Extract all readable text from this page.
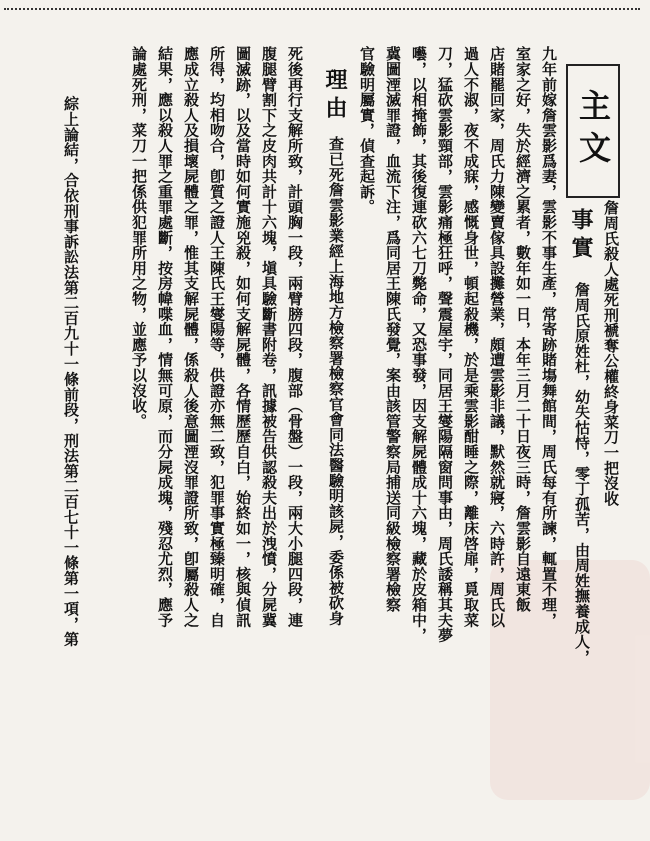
主文
詹周氏殺人處死刑褫奪公權終身菜刀一把沒收
事實
詹周氏原姓杜，幼失怙恃，零丁孤苦，由周姓撫養成人，
九年前嫁詹雲影爲妻，雲影不事生產，常寄跡賭塲舞館間，周氏每有所諫，輒置不理，
室家之好，失於經濟之累者，數年如一日，本年三月二十日夜三時，詹雲影自遠東飯
店賭罷回家，周氏力陳變賣傢具設攤營業，頗遭雲影非議，默然就寢，六時許，周氏以
過人不淑，夜不成寐，感慨身世，頓起殺機，於是乘雲影酣睡之際，離床啓扉，覓取菜
刀，猛砍雲影頸部，雲影痛極狂呼，聲震屋宇，同居王燮陽隔窗問事由，周氏諉稱其夫夢
囈，以相掩飾，其後復連砍六七刀斃命，又恐事發，因支解屍體成十六塊，藏於皮箱中，
冀圖湮滅罪證，血流下注，爲同居王陳氏發覺，案由該管警察局捕送同級檢察署檢察
官驗明屬實，偵查起訴。
理由
查已死詹雲影業經上海地方檢察署檢察官會同法醫驗明該屍，委係被砍身
死後再行支解所致，計頭胸一段，兩臂膀四段，腹部（骨盤）一段，兩大小腿四段，連
腹腿臂割下之皮肉共計十六塊，塡具驗斷書附卷，訊據被告供認殺夫出於洩憤，分屍冀
圖滅跡，以及當時如何實施兇殺，如何支解屍體，各情歷歷自白，始終如一，核與偵訊
所得，均相吻合，卽質之證人王陳氏王燮陽等，供證亦無二致，犯罪事實極臻明確，自
應成立殺人及損壞屍體之罪，惟其支解屍體，係殺人後意圖湮沒罪證所致，卽屬殺人之
結果，應以殺人罪之重罪處斷，按房幃喋血，情無可原，而分屍成塊，殘忍尤烈，應予
論處死刑，菜刀一把係供犯罪所用之物，並應予以沒收。
綜上論結，合依刑事訴訟法第二百九十一條前段，刑法第二百七十一條第一項，第
